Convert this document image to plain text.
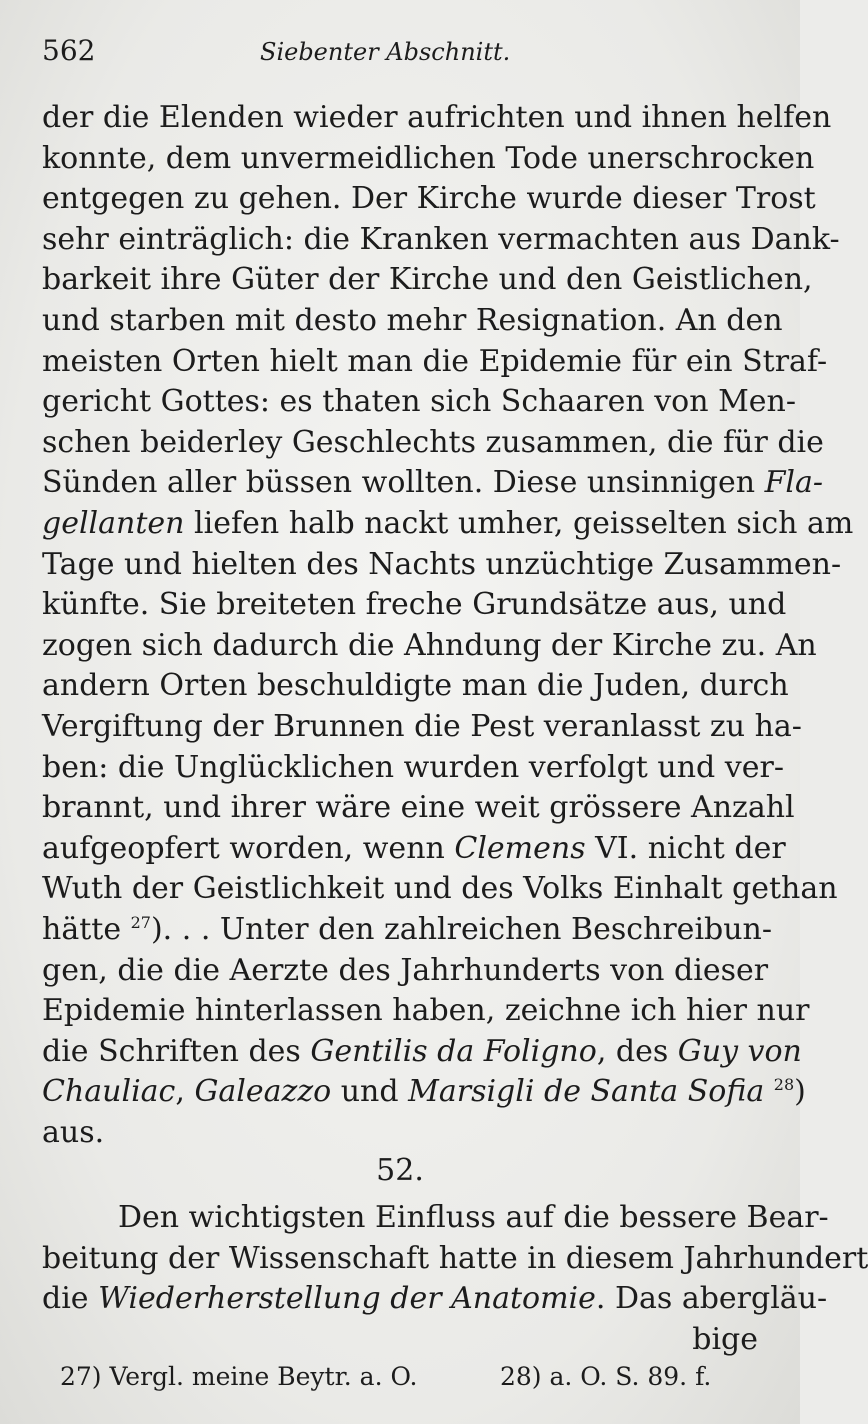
562	Siebenter Abschnitt.
der die Elenden wieder aufrichten und ihnen helfen
konnte, dem unvermeidlichen Tode unerschrocken
entgegen zu gehen. Der Kirche wurde dieser Trost
sehr einträglich: die Kranken vermachten aus Dank-
barkeit ihre Güter der Kirche und den Geistlichen,
und starben mit desto mehr Resignation. An den
meisten Orten hielt man die Epidemie für ein Straf-
gericht Gottes: es thaten sich Schaaren von Men-
schen beiderley Geschlechts zusammen, die für die
Sünden aller büssen wollten. Diese unsinnigen Fla-
gellanten liefen halb nackt umher, geisselten sich am
Tage und hielten des Nachts unzüchtige Zusammen-
künfte. Sie breiteten freche Grundsätze aus, und
zogen sich dadurch die Ahndung der Kirche zu. An
andern Orten beschuldigte man die Juden, durch
Vergiftung der Brunnen die Pest veranlasst zu ha-
ben: die Unglücklichen wurden verfolgt und ver-
brannt, und ihrer wäre eine weit grössere Anzahl
aufgeopfert worden, wenn Clemens VI. nicht der
Wuth der Geistlichkeit und des Volks Einhalt gethan
hätte $^{27}$). . . Unter den zahlreichen Beschreibun-
gen, die die Aerzte des Jahrhunderts von dieser
Epidemie hinterlassen haben, zeichne ich hier nur
die Schriften des Gentilis da Foligno, des Guy von
Chauliac, Galeazzo und Marsigli de Santa Sofia $^{28}$)
aus.
52.
Den wichtigsten Einfluss auf die bessere Bear-
beitung der Wissenschaft hatte in diesem Jahrhundert
die Wiederherstellung der Anatomie. Das abergläu-
bige
27) Vergl. meine Beytr. a. O.	28) a. O. S. 89. f.
